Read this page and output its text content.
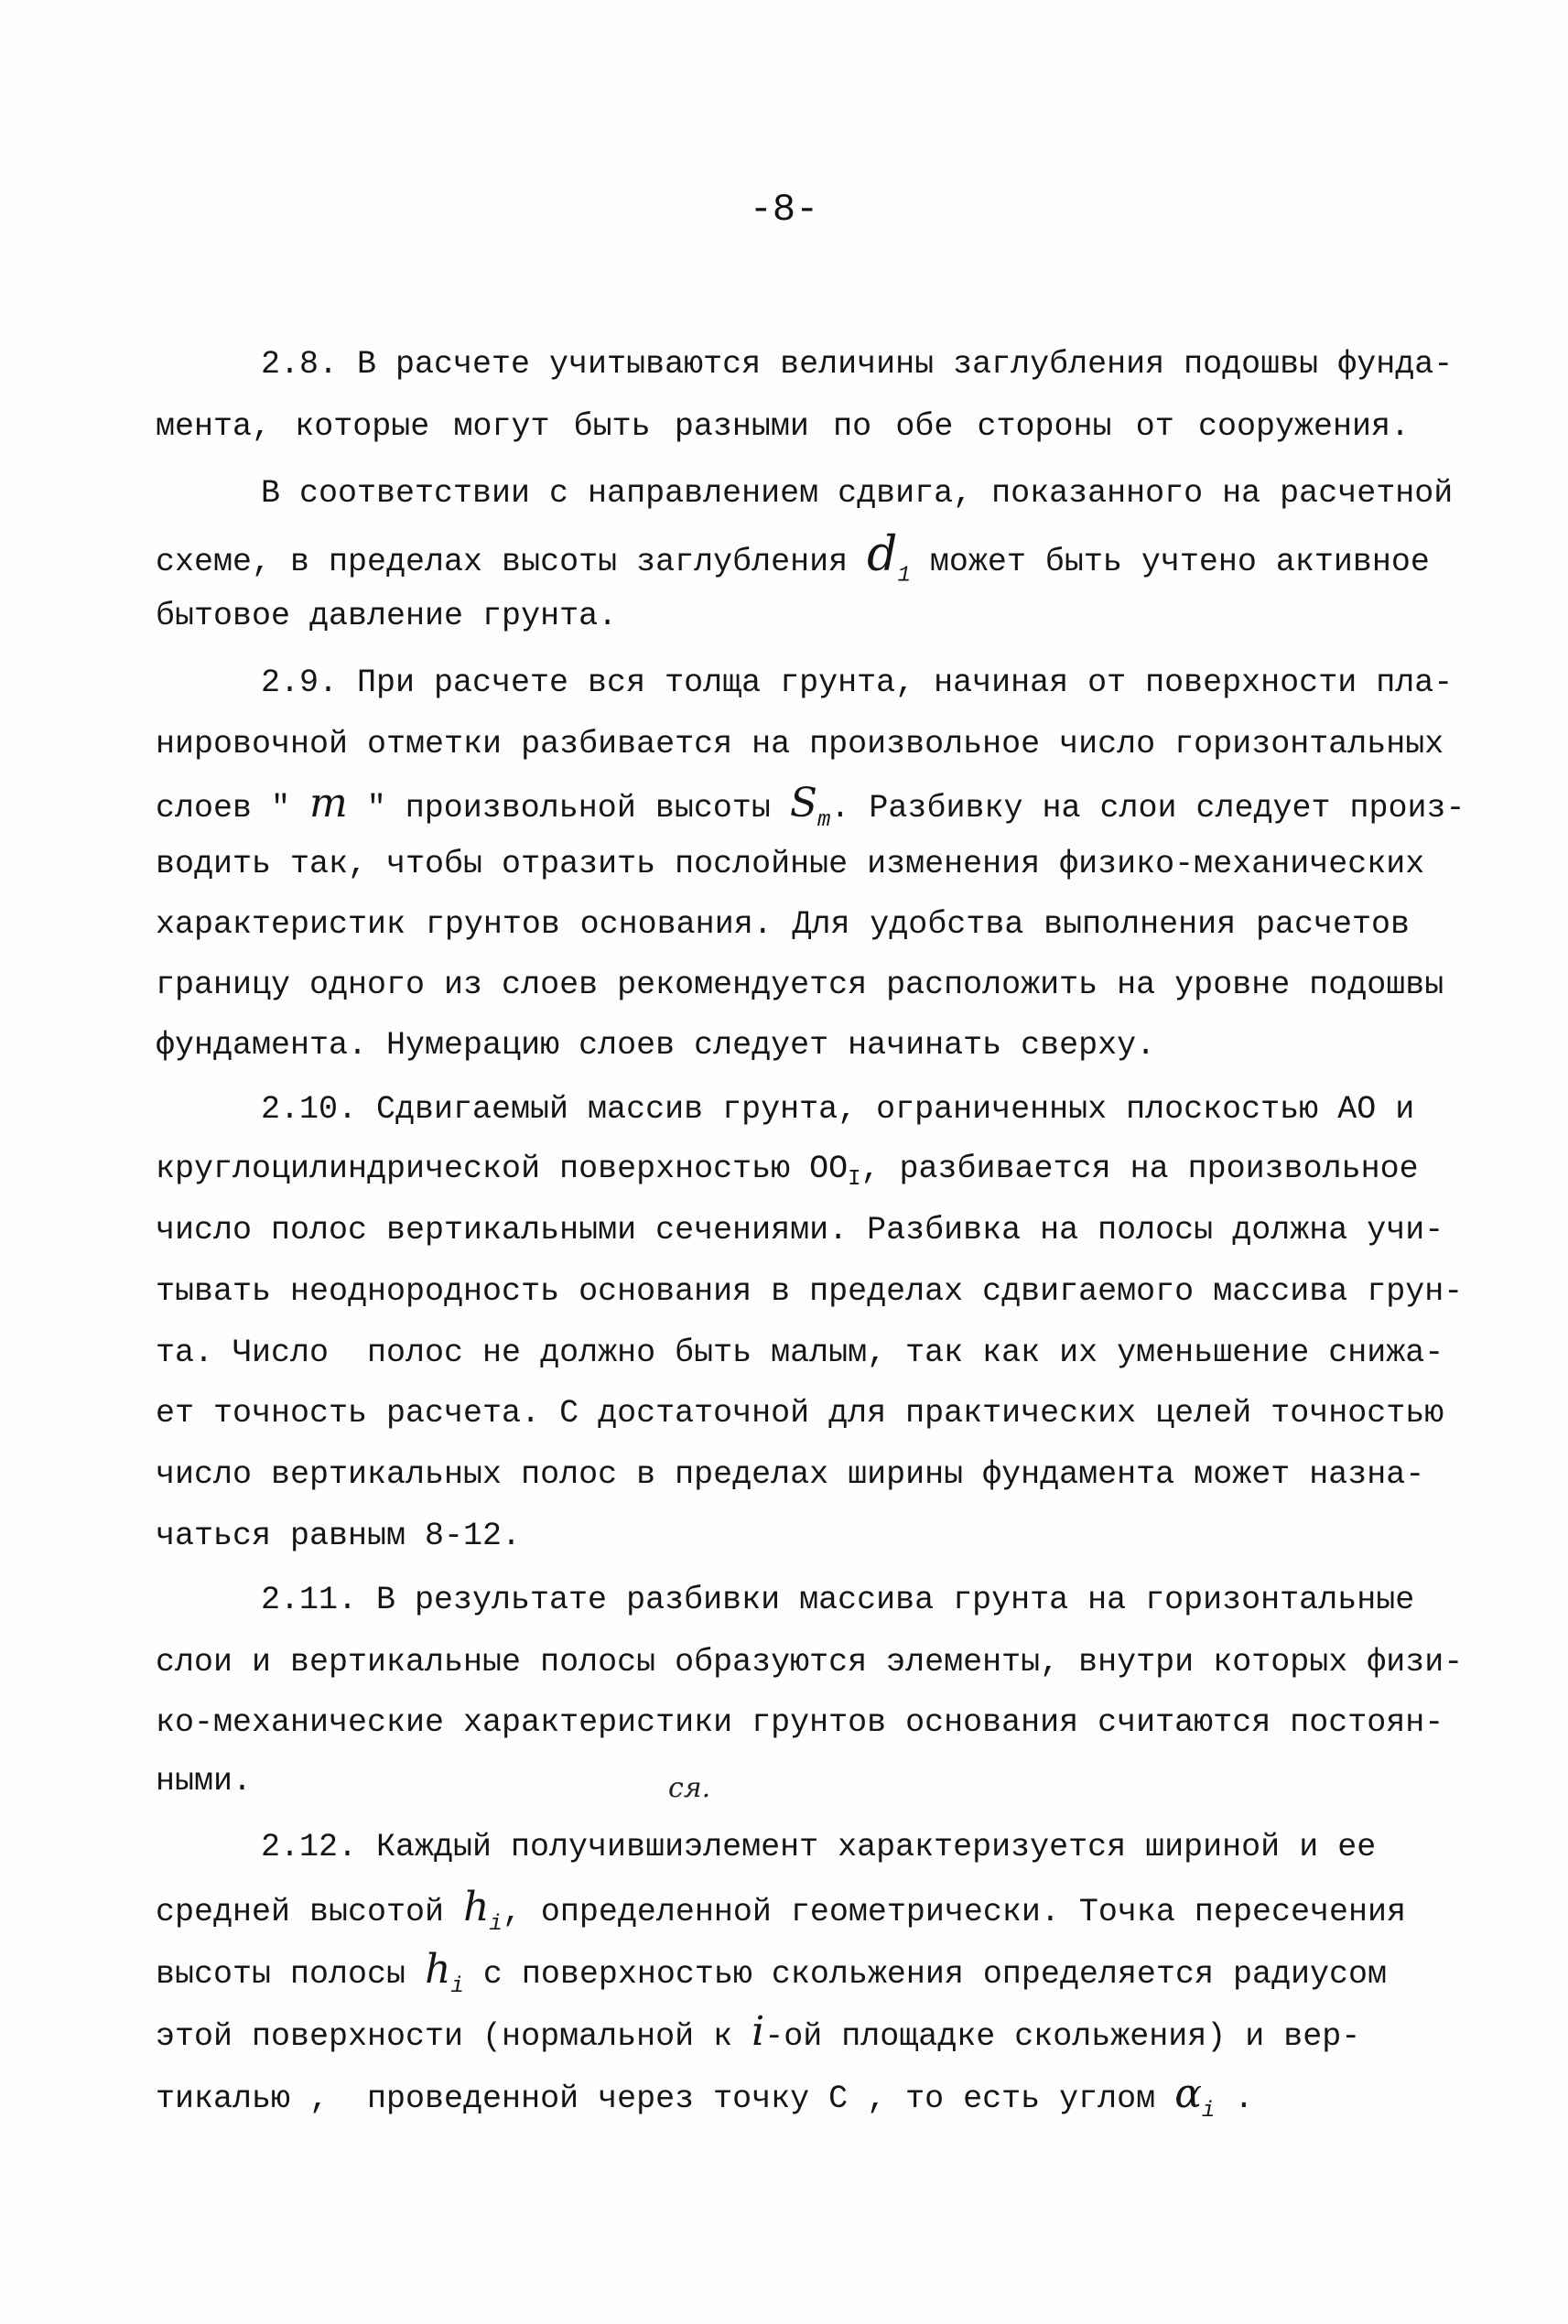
-8-
2.8. В расчете учитываются величины заглубления подошвы фунда-
мента, которые могут быть разными по обе стороны от сооружения.
В соответствии с направлением сдвига, показанного на расчетной
схеме, в пределах высоты заглубления $d_1$ может быть учтено активное
бытовое давление грунта.
2.9. При расчете вся толща грунта, начиная от поверхности пла-
нировочной отметки разбивается на произвольное число горизонтальных
слоев " m " произвольной высоты $S_m$. Разбивку на слои следует произ-
водить так, чтобы отразить послойные изменения физико-механических
характеристик грунтов основания. Для удобства выполнения расчетов
границу одного из слоев рекомендуется расположить на уровне подошвы
фундамента. Нумерацию слоев следует начинать сверху.
2.10. Сдвигаемый массив грунта, ограниченных плоскостью АО и
круглоцилиндрической поверхностью $ОО_I$, разбивается на произвольное
число полос вертикальными сечениями. Разбивка на полосы должна учи-
тывать неоднородность основания в пределах сдвигаемого массива грун-
та. Число  полос не должно быть малым, так как их уменьшение снижа-
ет точность расчета. С достаточной для практических целей точностью
число вертикальных полос в пределах ширины фундамента может назна-
чаться равным 8-12.
2.11. В результате разбивки массива грунта на горизонтальные
слои и вертикальные полосы образуются элементы, внутри которых физи-
ко-механические характеристики грунтов основания считаются постоян-
ными.	ся.
2.12. Каждый получившиэлемент характеризуется шириной и ее
средней высотой $h_i$, определенной геометрически. Точка пересечения
высоты полосы $h_i$ с поверхностью скольжения определяется радиусом
этой поверхности (нормальной к i-ой площадке скольжения) и вер-
тикалью ,  проведенной через точку С , то есть углом $\alpha_i$ .
